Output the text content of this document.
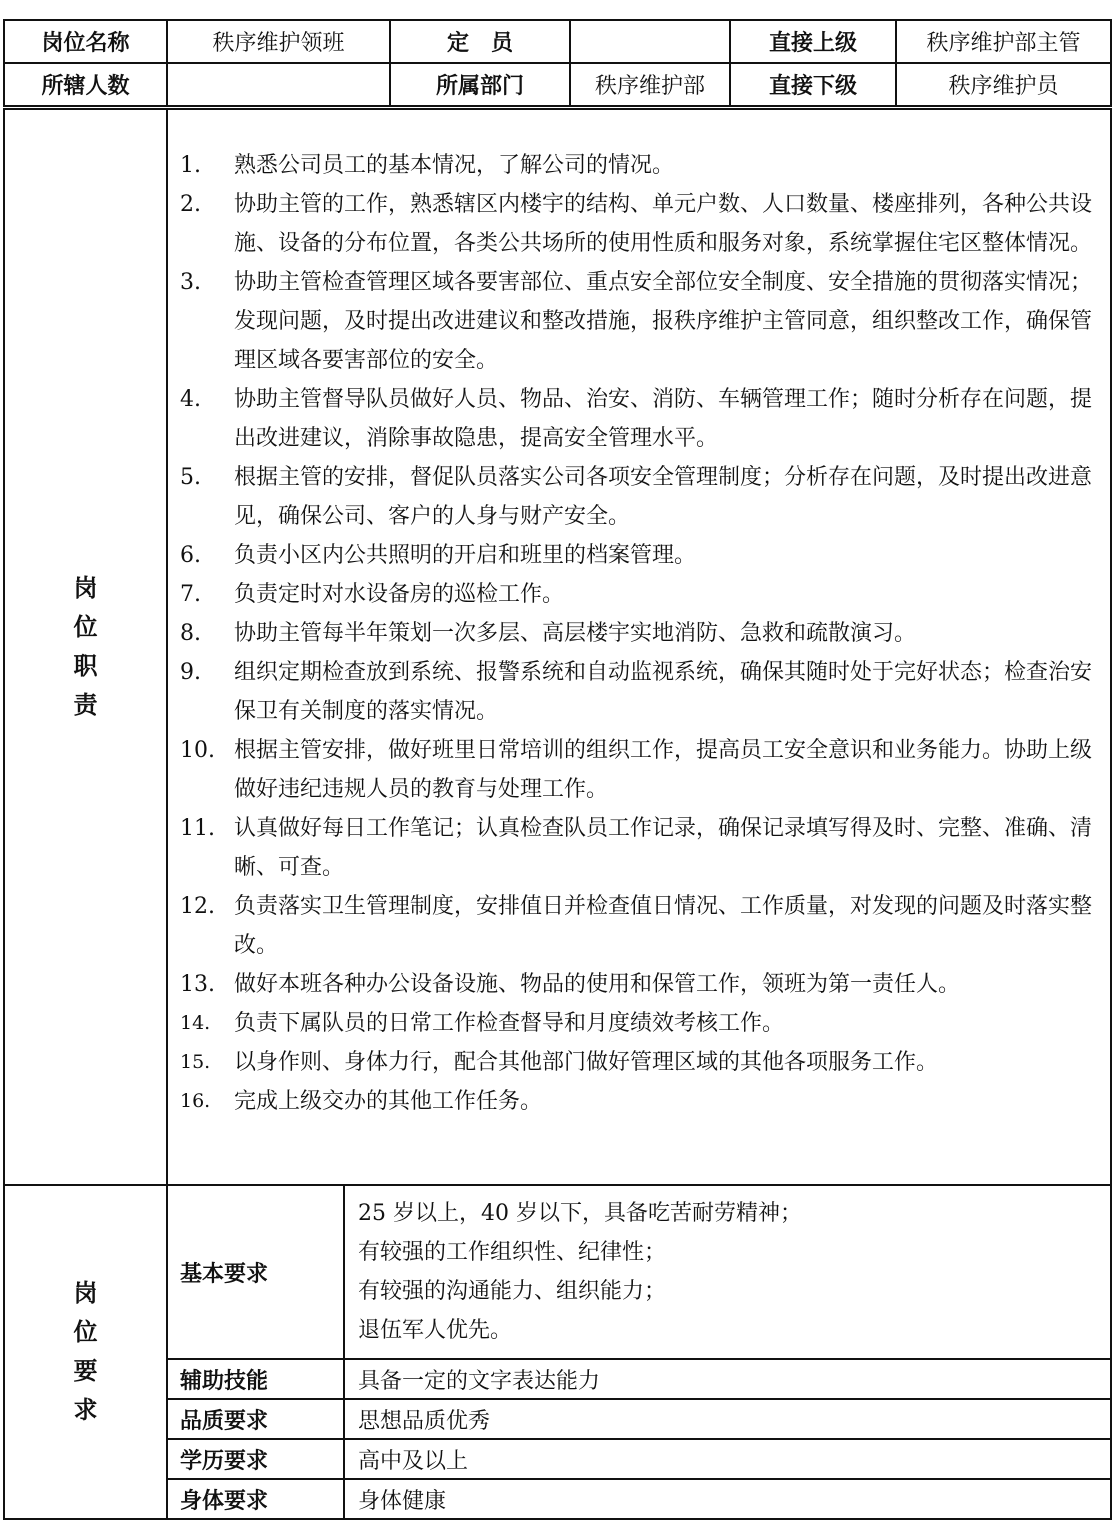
岗位名称	秩序维护领班	定　员		直接上级	秩序维护部主管
所辖人数		所属部门	秩序维护部	直接下级	秩序维护员
岗位职责

1.	熟悉公司员工的基本情况，了解公司的情况。
2.	协助主管的工作，熟悉辖区内楼宇的结构、单元户数、人口数量、楼座排列，各种公共设施、设备的分布位置，各类公共场所的使用性质和服务对象，系统掌握住宅区整体情况。
3.	协助主管检查管理区域各要害部位、重点安全部位安全制度、安全措施的贯彻落实情况；发现问题，及时提出改进建议和整改措施，报秩序维护主管同意，组织整改工作，确保管理区域各要害部位的安全。
4.	协助主管督导队员做好人员、物品、治安、消防、车辆管理工作；随时分析存在问题，提出改进建议，消除事故隐患，提高安全管理水平。
5.	根据主管的安排，督促队员落实公司各项安全管理制度；分析存在问题，及时提出改进意见，确保公司、客户的人身与财产安全。
6.	负责小区内公共照明的开启和班里的档案管理。
7.	负责定时对水设备房的巡检工作。
8.	协助主管每半年策划一次多层、高层楼宇实地消防、急救和疏散演习。
9.	组织定期检查放到系统、报警系统和自动监视系统，确保其随时处于完好状态；检查治安保卫有关制度的落实情况。
10. 根据主管安排，做好班里日常培训的组织工作，提高员工安全意识和业务能力。协助上级做好违纪违规人员的教育与处理工作。
11. 认真做好每日工作笔记；认真检查队员工作记录，确保记录填写得及时、完整、准确、清晰、可查。
12. 负责落实卫生管理制度，安排值日并检查值日情况、工作质量，对发现的问题及时落实整改。
13. 做好本班各种办公设备设施、物品的使用和保管工作，领班为第一责任人。
14.	负责下属队员的日常工作检查督导和月度绩效考核工作。
15.	以身作则、身体力行，配合其他部门做好管理区域的其他各项服务工作。
16.	完成上级交办的其他工作任务。
岗位要求	基本要求	25 岁以上，40 岁以下，具备吃苦耐劳精神；
有较强的工作组织性、纪律性；
有较强的沟通能力、组织能力；
退伍军人优先。

	辅助技能	具备一定的文字表达能力
	品质要求	思想品质优秀
	学历要求	高中及以上
	身体要求	身体健康
